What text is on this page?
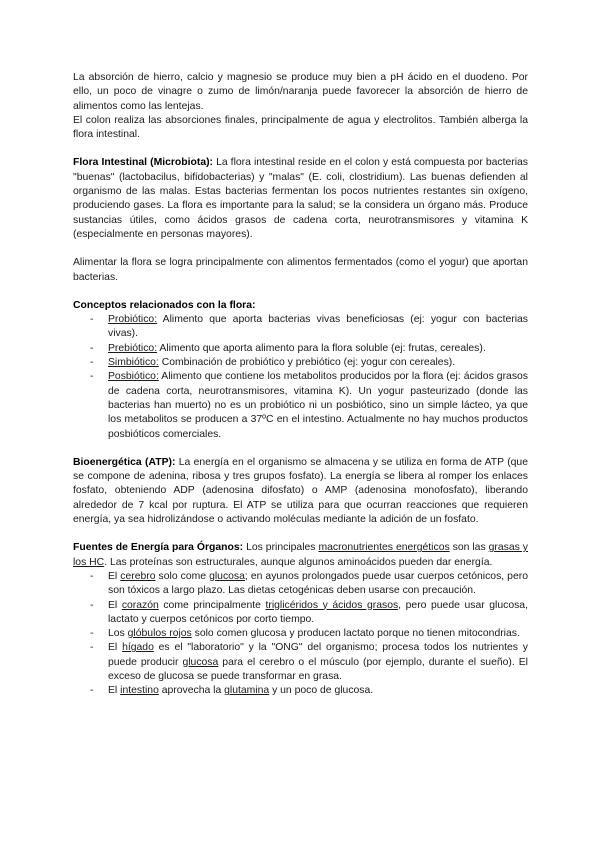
La absorción de hierro, calcio y magnesio se produce muy bien a pH ácido en el duodeno. Por ello, un poco de vinagre o zumo de limón/naranja puede favorecer la absorción de hierro de alimentos como las lentejas.

El colon realiza las absorciones finales, principalmente de agua y electrolitos. También alberga la flora intestinal.

Flora Intestinal (Microbiota): La flora intestinal reside en el colon y está compuesta por bacterias "buenas" (lactobacilus, bifidobacterias) y "malas" (E. coli, clostridium). Las buenas defienden al organismo de las malas. Estas bacterias fermentan los pocos nutrientes restantes sin oxígeno, produciendo gases. La flora es importante para la salud; se la considera un órgano más. Produce sustancias útiles, como ácidos grasos de cadena corta, neurotransmisores y vitamina K (especialmente en personas mayores).

Alimentar la flora se logra principalmente con alimentos fermentados (como el yogur) que aportan bacterias.

Conceptos relacionados con la flora:

- Probiótico: Alimento que aporta bacterias vivas beneficiosas (ej: yogur con bacterias vivas).
- Prebiótico: Alimento que aporta alimento para la flora soluble (ej: frutas, cereales).
- Simbiótico: Combinación de probiótico y prebiótico (ej: yogur con cereales).
- Posbiótico: Alimento que contiene los metabolitos producidos por la flora (ej: ácidos grasos de cadena corta, neurotransmisores, vitamina K). Un yogur pasteurizado (donde las bacterias han muerto) no es un probiótico ni un posbiótico, sino un simple lácteo, ya que los metabolitos se producen a 37ºC en el intestino. Actualmente no hay muchos productos posbióticos comerciales.

Bioenergética (ATP): La energía en el organismo se almacena y se utiliza en forma de ATP (que se compone de adenina, ribosa y tres grupos fosfato). La energía se libera al romper los enlaces fosfato, obteniendo ADP (adenosina difosfato) o AMP (adenosina monofosfato), liberando alrededor de 7 kcal por ruptura. El ATP se utiliza para que ocurran reacciones que requieren energía, ya sea hidrolizándose o activando moléculas mediante la adición de un fosfato.

Fuentes de Energía para Órganos: Los principales macronutrientes energéticos son las grasas y los HC. Las proteínas son estructurales, aunque algunos aminoácidos pueden dar energía.

- El cerebro solo come glucosa; en ayunos prolongados puede usar cuerpos cetónicos, pero son tóxicos a largo plazo. Las dietas cetogénicas deben usarse con precaución.
- El corazón come principalmente triglicéridos y ácidos grasos, pero puede usar glucosa, lactato y cuerpos cetónicos por corto tiempo.
- Los glóbulos rojos solo comen glucosa y producen lactato porque no tienen mitocondrias.
- El hígado es el "laboratorio" y la "ONG" del organismo; procesa todos los nutrientes y puede producir glucosa para el cerebro o el músculo (por ejemplo, durante el sueño). El exceso de glucosa se puede transformar en grasa.
- El intestino aprovecha la glutamina y un poco de glucosa.
